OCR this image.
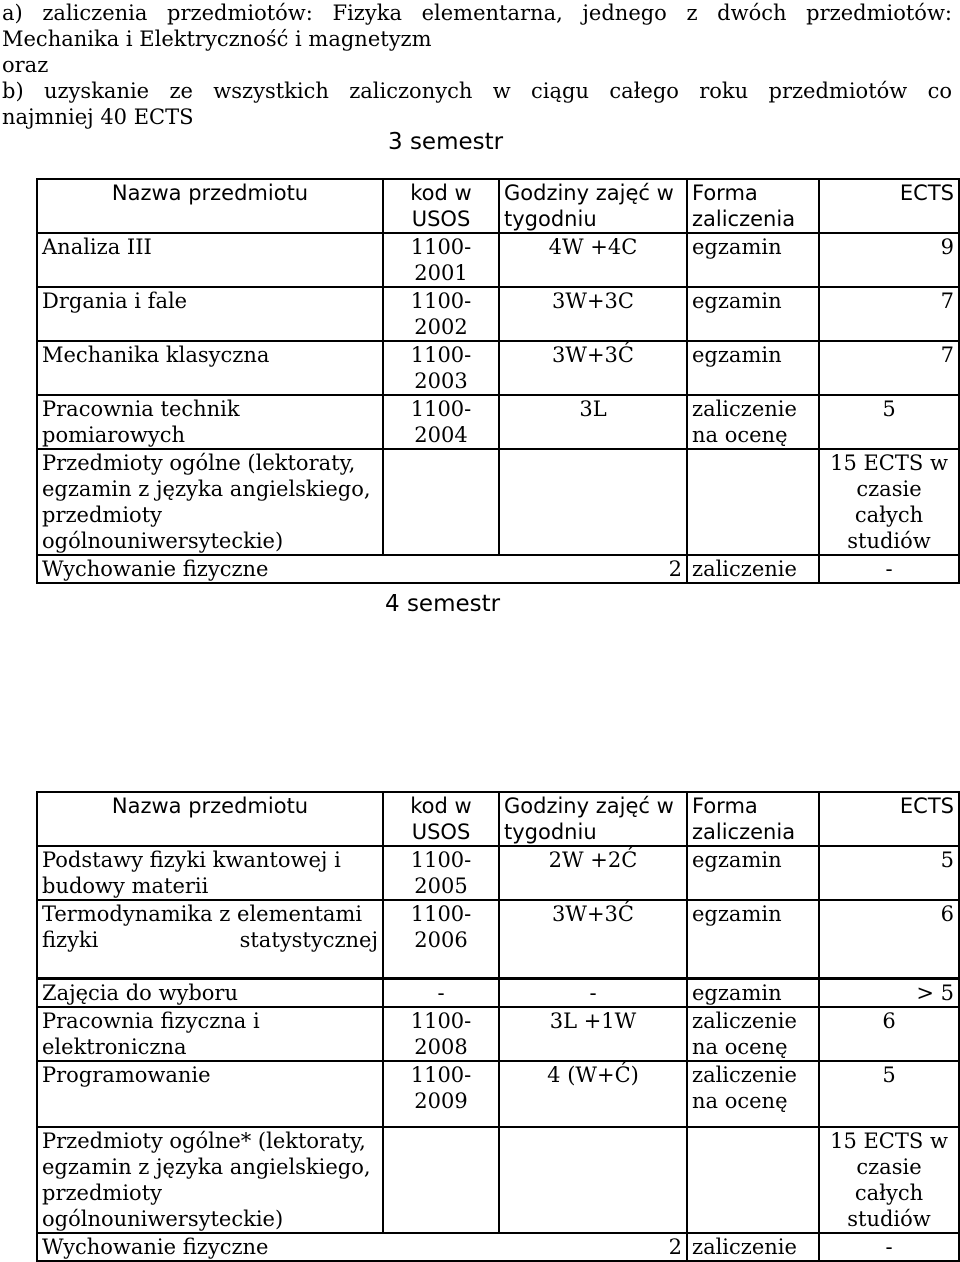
a) zaliczenia przedmiotów: Fizyka elementarna, jednego z dwóch przedmiotów:

Mechanika i Elektryczność i magnetyzm

oraz

b) uzyskanie ze wszystkich zaliczonych w ciągu całego roku przedmiotów co

najmniej 40 ECTS

3 semestr
Nazwa przedmiotu	kod w USOS	Godziny zajęć w tygodniu	Forma zaliczenia	ECTS
Analiza III	1100-2001	4W +4C	egzamin	9
Drgania i fale	1100-2002	3W+3C	egzamin	7
Mechanika klasyczna	1100-2003	3W+3Ć	egzamin	7
Pracownia technik pomiarowych	1100-2004	3L	zaliczenie na ocenę	5
Przedmioty ogólne (lektoraty, egzamin z języka angielskiego, przedmioty ogólnouniwersyteckie)				15 ECTS w czasie całych studiów
Wychowanie fizyczne		2	zaliczenie	-
4 semestr
Nazwa przedmiotu	kod w USOS	Godziny zajęć w tygodniu	Forma zaliczenia	ECTS
Podstawy fizyki kwantowej i budowy materii	1100-2005	2W +2Ć	egzamin	5
Termodynamika z elementami fizyki statystycznej	1100-2006	3W+3Ć	egzamin	6
Zajęcia do wyboru	-	-	egzamin	> 5
Pracownia fizyczna i elektroniczna	1100-2008	3L +1W	zaliczenie na ocenę	6
Programowanie	1100-2009	4 (W+Ć)	zaliczenie na ocenę	5
Przedmioty ogólne* (lektoraty, egzamin z języka angielskiego, przedmioty ogólnouniwersyteckie)				15 ECTS w czasie całych studiów
Wychowanie fizyczne		2	zaliczenie	-
